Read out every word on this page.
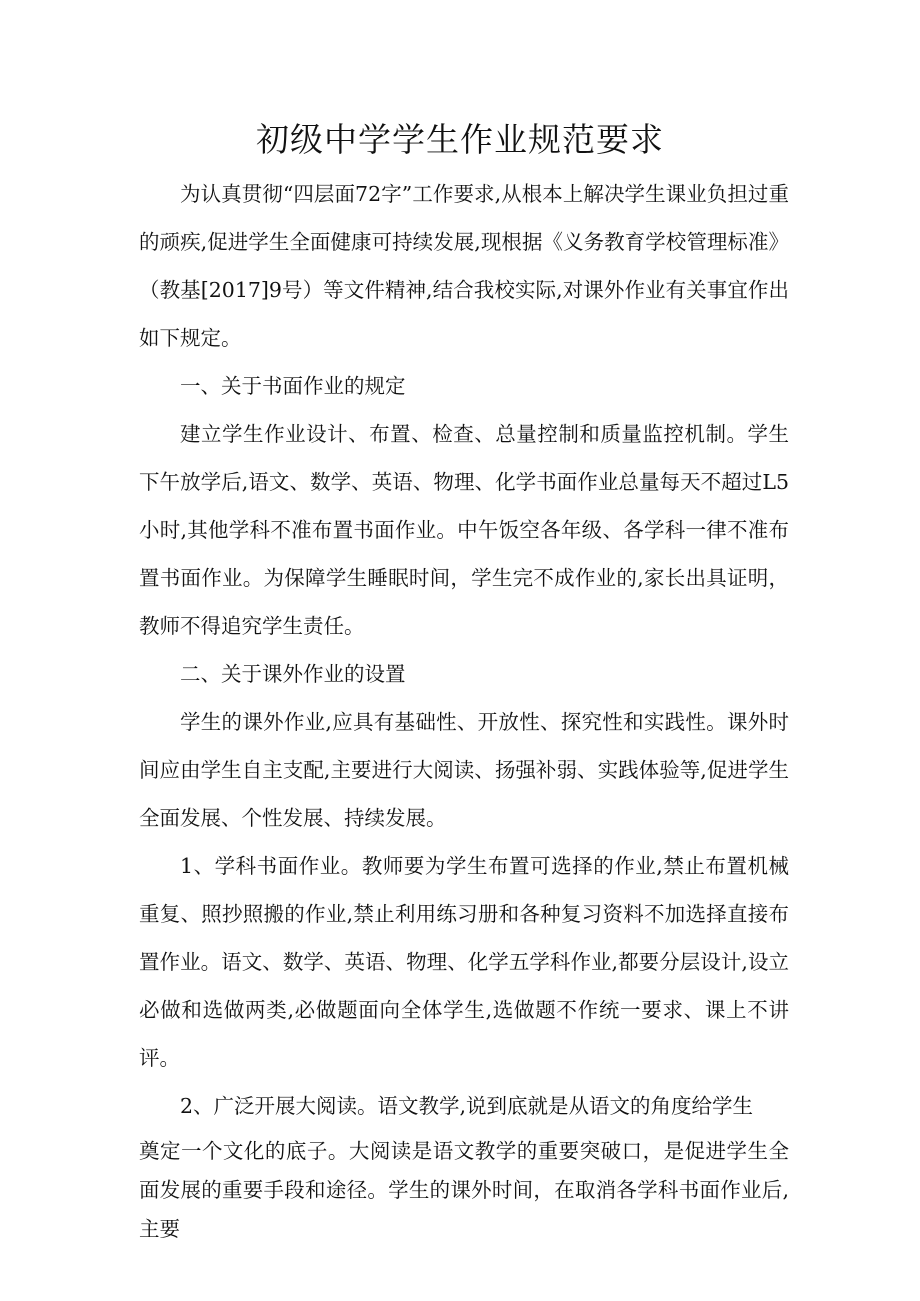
初级中学学生作业规范要求

为认真贯彻“四层面72字”工作要求,从根本上解决学生课业负担过重的顽疾,促进学生全面健康可持续发展,现根据《义务教育学校管理标准》（教基[2017]9号）等文件精神,结合我校实际,对课外作业有关事宜作出如下规定。

一、关于书面作业的规定

建立学生作业设计、布置、检查、总量控制和质量监控机制。学生下午放学后,语文、数学、英语、物理、化学书面作业总量每天不超过L5小时,其他学科不准布置书面作业。中午饭空各年级、各学科一律不准布置书面作业。为保障学生睡眠时间，学生完不成作业的,家长出具证明，教师不得追究学生责任。

二、关于课外作业的设置

学生的课外作业,应具有基础性、开放性、探究性和实践性。课外时间应由学生自主支配,主要进行大阅读、扬强补弱、实践体验等,促进学生全面发展、个性发展、持续发展。

1、学科书面作业。教师要为学生布置可选择的作业,禁止布置机械重复、照抄照搬的作业,禁止利用练习册和各种复习资料不加选择直接布置作业。语文、数学、英语、物理、化学五学科作业,都要分层设计,设立必做和选做两类,必做题面向全体学生,选做题不作统一要求、课上不讲评。

2、广泛开展大阅读。语文教学,说到底就是从语文的角度给学生

奠定一个文化的底子。大阅读是语文教学的重要突破口，是促进学生全面发展的重要手段和途径。学生的课外时间，在取消各学科书面作业后,主要
